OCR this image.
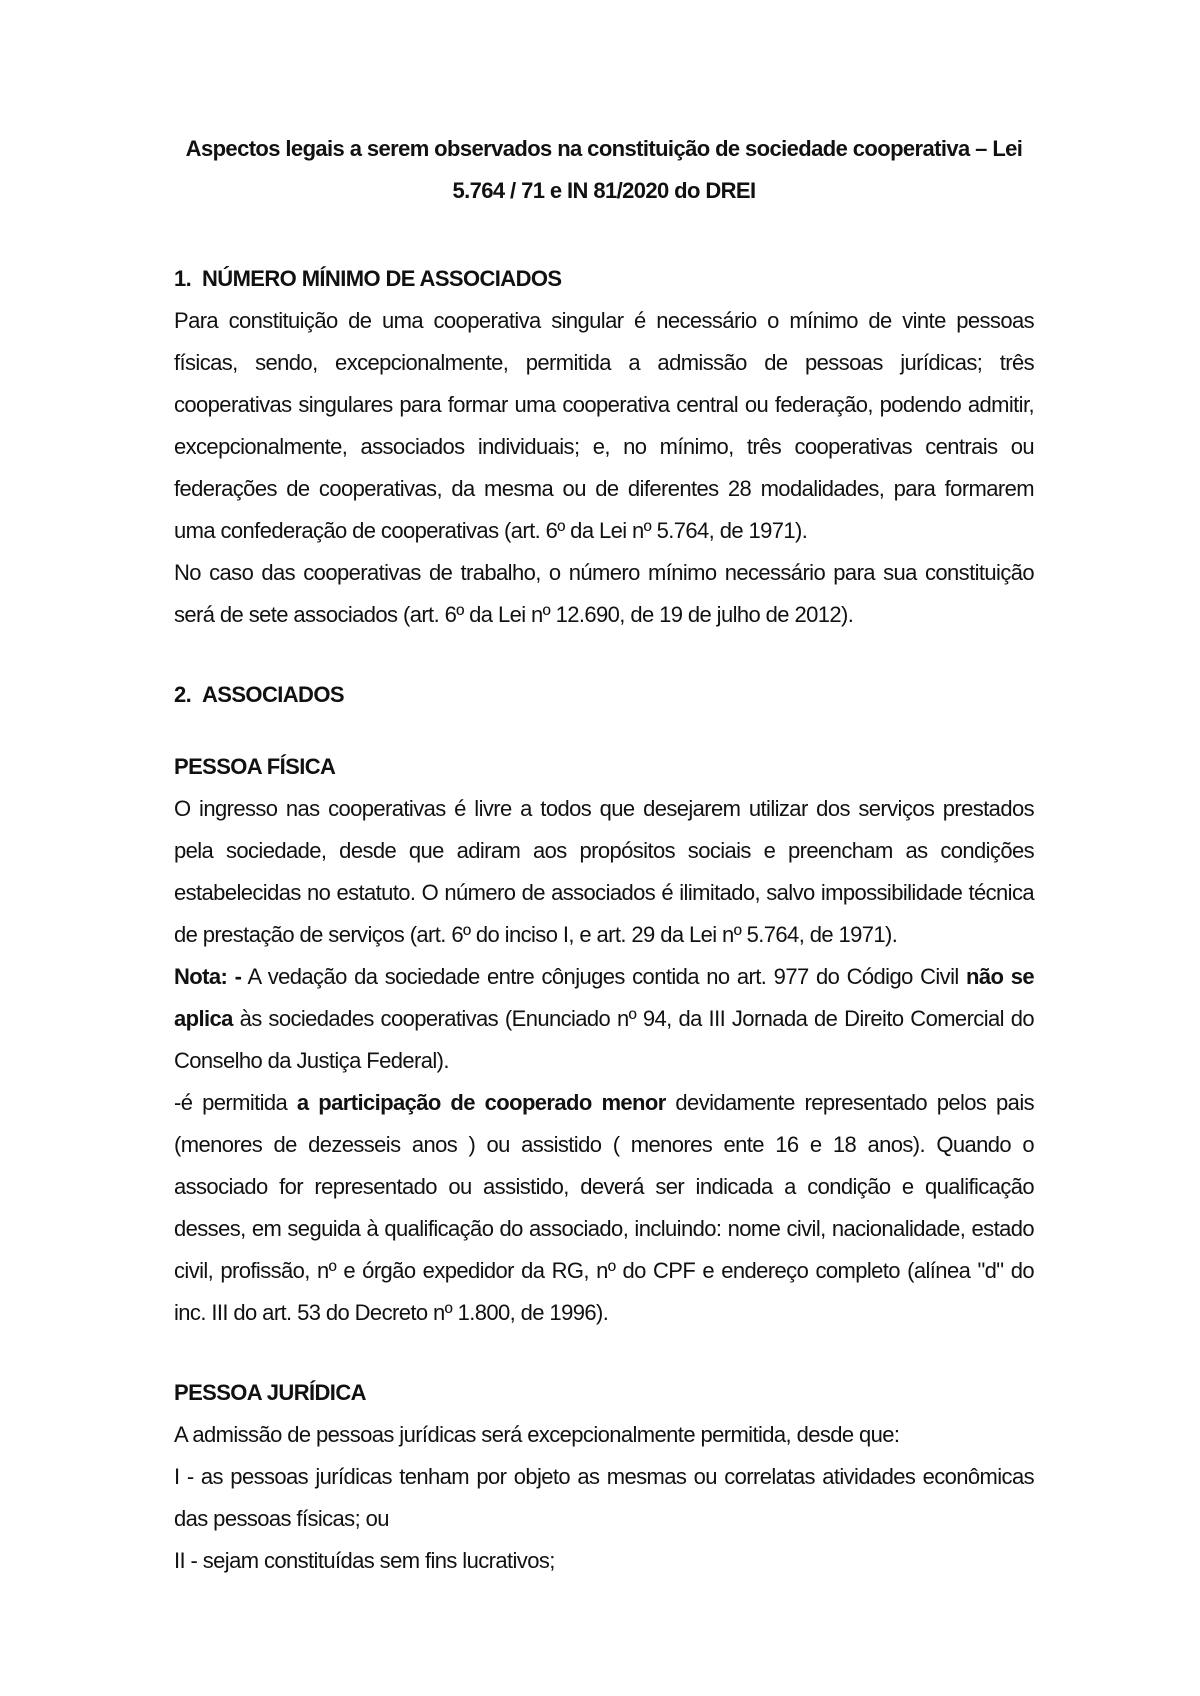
Aspectos legais a serem observados na constituição de sociedade cooperativa – Lei 5.764 / 71 e IN 81/2020 do DREI
1. NÚMERO MÍNIMO DE ASSOCIADOS

Para constituição de uma cooperativa singular é necessário o mínimo de vinte pessoas físicas, sendo, excepcionalmente, permitida a admissão de pessoas jurídicas; três cooperativas singulares para formar uma cooperativa central ou federação, podendo admitir, excepcionalmente, associados individuais; e, no mínimo, três cooperativas centrais ou federações de cooperativas, da mesma ou de diferentes 28 modalidades, para formarem uma confederação de cooperativas (art. 6º da Lei nº 5.764, de 1971).

No caso das cooperativas de trabalho, o número mínimo necessário para sua constituição será de sete associados (art. 6º da Lei nº 12.690, de 19 de julho de 2012).

2. ASSOCIADOS
PESSOA FÍSICA

O ingresso nas cooperativas é livre a todos que desejarem utilizar dos serviços prestados pela sociedade, desde que adiram aos propósitos sociais e preencham as condições estabelecidas no estatuto. O número de associados é ilimitado, salvo impossibilidade técnica de prestação de serviços (art. 6º do inciso I, e art. 29 da Lei nº 5.764, de 1971).

Nota: - A vedação da sociedade entre cônjuges contida no art. 977 do Código Civil não se aplica às sociedades cooperativas (Enunciado nº 94, da III Jornada de Direito Comercial do Conselho da Justiça Federal).

-é permitida a participação de cooperado menor devidamente representado pelos pais (menores de dezesseis anos ) ou assistido ( menores ente 16 e 18 anos). Quando o associado for representado ou assistido, deverá ser indicada a condição e qualificação desses, em seguida à qualificação do associado, incluindo: nome civil, nacionalidade, estado civil, profissão, nº e órgão expedidor da RG, nº do CPF e endereço completo (alínea "d" do inc. III do art. 53 do Decreto nº 1.800, de 1996).

PESSOA JURÍDICA

A admissão de pessoas jurídicas será excepcionalmente permitida, desde que:

I - as pessoas jurídicas tenham por objeto as mesmas ou correlatas atividades econômicas das pessoas físicas; ou

II - sejam constituídas sem fins lucrativos;
